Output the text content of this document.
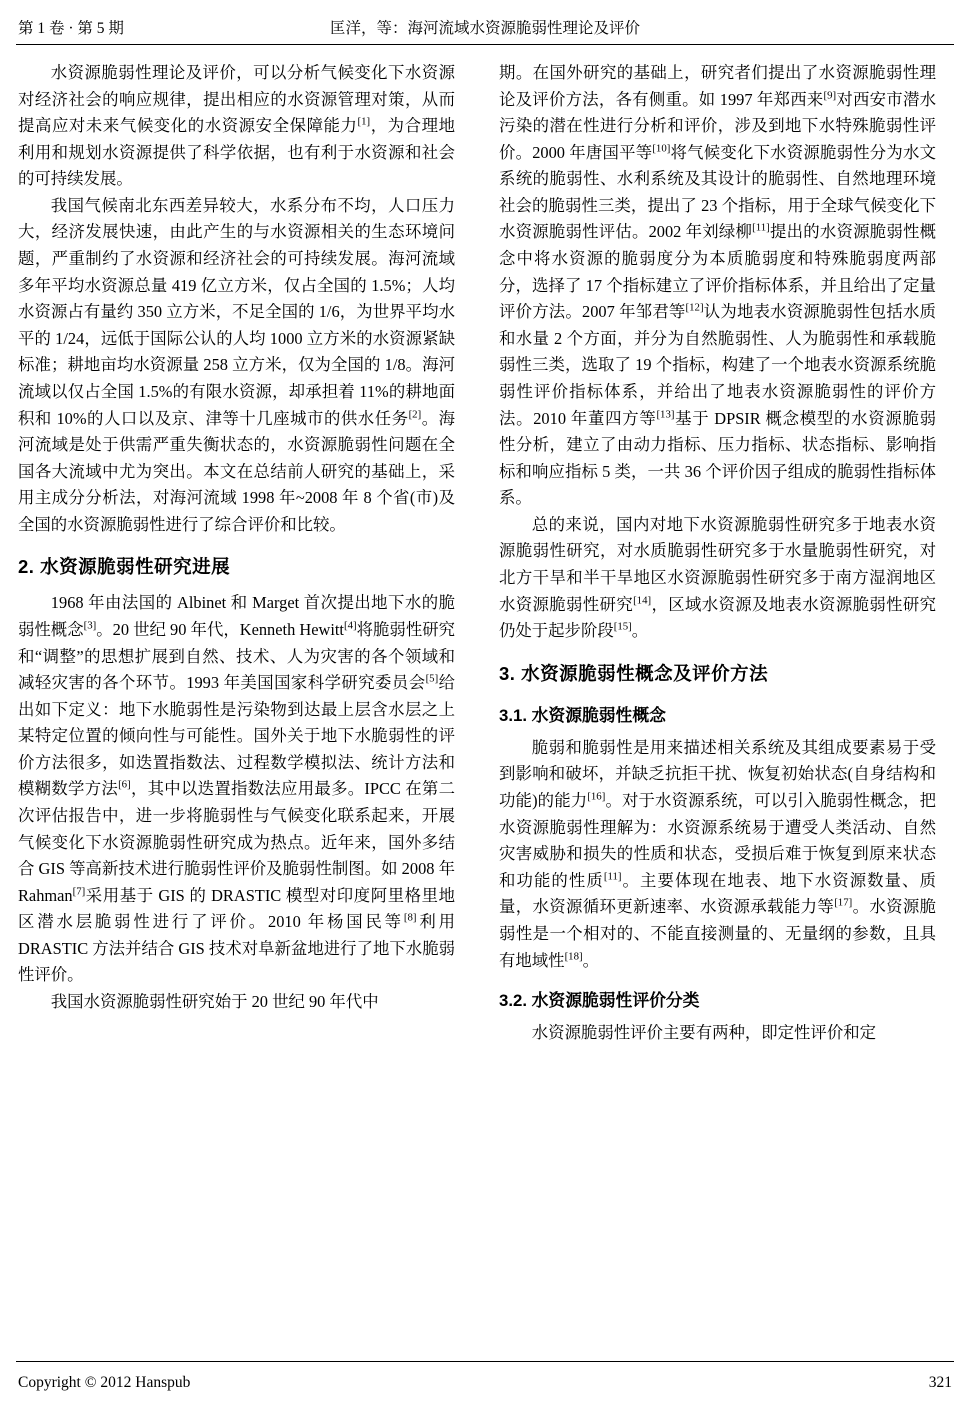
第 1 卷 · 第 5 期	匡洋，等：海河流域水资源脆弱性理论及评价

水资源脆弱性理论及评价，可以分析气候变化下水资源对经济社会的响应规律，提出相应的水资源管理对策，从而提高应对未来气候变化的水资源安全保障能力[1]，为合理地利用和规划水资源提供了科学依据，也有利于水资源和社会的可持续发展。

我国气候南北东西差异较大，水系分布不均，人口压力大，经济发展快速，由此产生的与水资源相关的生态环境问题，严重制约了水资源和经济社会的可持续发展。海河流域多年平均水资源总量 419 亿立方米，仅占全国的 1.5%；人均水资源占有量约 350 立方米，不足全国的 1/6，为世界平均水平的 1/24，远低于国际公认的人均 1000 立方米的水资源紧缺标准；耕地亩均水资源量 258 立方米，仅为全国的 1/8。海河流域以仅占全国 1.5%的有限水资源，却承担着 11%的耕地面积和 10%的人口以及京、津等十几座城市的供水任务[2]。海河流域是处于供需严重失衡状态的，水资源脆弱性问题在全国各大流域中尤为突出。本文在总结前人研究的基础上，采用主成分分析法，对海河流域 1998 年~2008 年 8 个省(市)及全国的水资源脆弱性进行了综合评价和比较。

2. 水资源脆弱性研究进展

1968 年由法国的 Albinet 和 Marget 首次提出地下水的脆弱性概念[3]。20 世纪 90 年代，Kenneth Hewitt[4]将脆弱性研究和“调整”的思想扩展到自然、技术、人为灾害的各个领域和减轻灾害的各个环节。1993 年美国国家科学研究委员会[5]给出如下定义：地下水脆弱性是污染物到达最上层含水层之上某特定位置的倾向性与可能性。国外关于地下水脆弱性的评价方法很多，如迭置指数法、过程数学模拟法、统计方法和模糊数学方法[6]，其中以迭置指数法应用最多。IPCC 在第二次评估报告中，进一步将脆弱性与气候变化联系起来，开展气候变化下水资源脆弱性研究成为热点。近年来，国外多结合 GIS 等高新技术进行脆弱性评价及脆弱性制图。如 2008 年 Rahman[7]采用基于 GIS 的 DRASTIC 模型对印度阿里格里地区潜水层脆弱性进行了评价。2010 年杨国民等[8]利用 DRASTIC 方法并结合 GIS 技术对阜新盆地进行了地下水脆弱性评价。

我国水资源脆弱性研究始于 20 世纪 90 年代中

期。在国外研究的基础上，研究者们提出了水资源脆弱性理论及评价方法，各有侧重。如 1997 年郑西来[9]对西安市潜水污染的潜在性进行分析和评价，涉及到地下水特殊脆弱性评价。2000 年唐国平等[10]将气候变化下水资源脆弱性分为水文系统的脆弱性、水利系统及其设计的脆弱性、自然地理环境社会的脆弱性三类，提出了 23 个指标，用于全球气候变化下水资源脆弱性评估。2002 年刘绿柳[11]提出的水资源脆弱性概念中将水资源的脆弱度分为本质脆弱度和特殊脆弱度两部分，选择了 17 个指标建立了评价指标体系，并且给出了定量评价方法。2007 年邹君等[12]认为地表水资源脆弱性包括水质和水量 2 个方面，并分为自然脆弱性、人为脆弱性和承载脆弱性三类，选取了 19 个指标，构建了一个地表水资源系统脆弱性评价指标体系，并给出了地表水资源脆弱性的评价方法。2010 年董四方等[13]基于 DPSIR 概念模型的水资源脆弱性分析，建立了由动力指标、压力指标、状态指标、影响指标和响应指标 5 类，一共 36 个评价因子组成的脆弱性指标体系。

总的来说，国内对地下水资源脆弱性研究多于地表水资源脆弱性研究，对水质脆弱性研究多于水量脆弱性研究，对北方干旱和半干旱地区水资源脆弱性研究多于南方湿润地区水资源脆弱性研究[14]，区域水资源及地表水资源脆弱性研究仍处于起步阶段[15]。

3. 水资源脆弱性概念及评价方法
3.1. 水资源脆弱性概念

脆弱和脆弱性是用来描述相关系统及其组成要素易于受到影响和破坏，并缺乏抗拒干扰、恢复初始状态(自身结构和功能)的能力[16]。对于水资源系统，可以引入脆弱性概念，把水资源脆弱性理解为：水资源系统易于遭受人类活动、自然灾害威胁和损失的性质和状态，受损后难于恢复到原来状态和功能的性质[11]。主要体现在地表、地下水资源数量、质量，水资源循环更新速率、水资源承载能力等[17]。水资源脆弱性是一个相对的、不能直接测量的、无量纲的参数，且具有地域性[18]。

3.2. 水资源脆弱性评价分类

水资源脆弱性评价主要有两种，即定性评价和定

Copyright © 2012 Hanspub	321
